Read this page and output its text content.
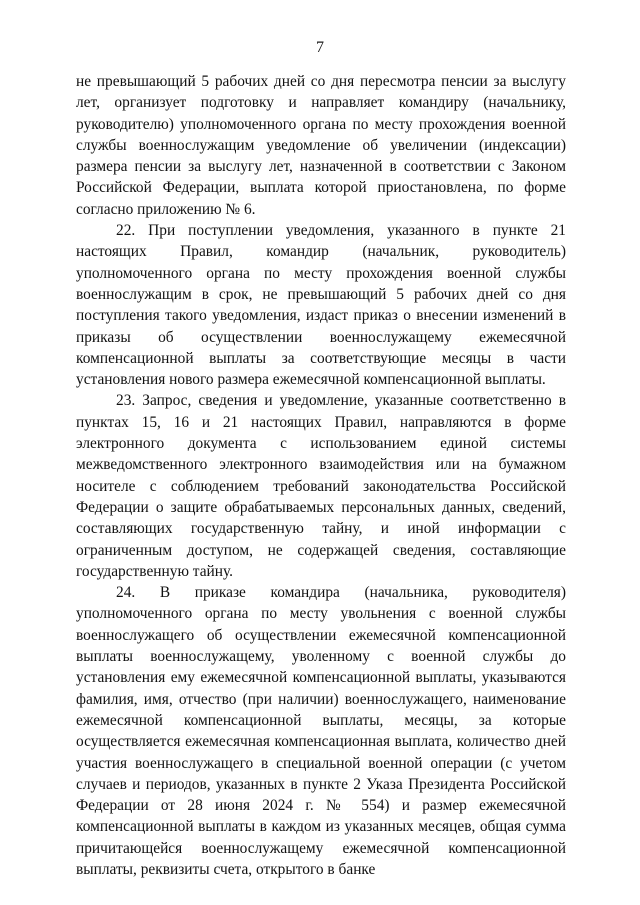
7

не превышающий 5 рабочих дней со дня пересмотра пенсии за выслугу лет, организует подготовку и направляет командиру (начальнику, руководителю) уполномоченного органа по месту прохождения военной службы военнослужащим уведомление об увеличении (индексации) размера пенсии за выслугу лет, назначенной в соответствии с Законом Российской Федерации, выплата которой приостановлена, по форме согласно приложению № 6.

22. При поступлении уведомления, указанного в пункте 21 настоящих Правил, командир (начальник, руководитель) уполномоченного органа по месту прохождения военной службы военнослужащим в срок, не превышающий 5 рабочих дней со дня поступления такого уведомления, издаст приказ о внесении изменений в приказы об осуществлении военнослужащему ежемесячной компенсационной выплаты за соответствующие месяцы в части установления нового размера ежемесячной компенсационной выплаты.

23. Запрос, сведения и уведомление, указанные соответственно в пунктах 15, 16 и 21 настоящих Правил, направляются в форме электронного документа с использованием единой системы межведомственного электронного взаимодействия или на бумажном носителе с соблюдением требований законодательства Российской Федерации о защите обрабатываемых персональных данных, сведений, составляющих государственную тайну, и иной информации с ограниченным доступом, не содержащей сведения, составляющие государственную тайну.

24. В приказе командира (начальника, руководителя) уполномоченного органа по месту увольнения с военной службы военнослужащего об осуществлении ежемесячной компенсационной выплаты военнослужащему, уволенному с военной службы до установления ему ежемесячной компенсационной выплаты, указываются фамилия, имя, отчество (при наличии) военнослужащего, наименование ежемесячной компенсационной выплаты, месяцы, за которые осуществляется ежемесячная компенсационная выплата, количество дней участия военнослужащего в специальной военной операции (с учетом случаев и периодов, указанных в пункте 2 Указа Президента Российской Федерации от 28 июня 2024 г. № 554) и размер ежемесячной компенсационной выплаты в каждом из указанных месяцев, общая сумма причитающейся военнослужащему ежемесячной компенсационной выплаты, реквизиты счета, открытого в банке
